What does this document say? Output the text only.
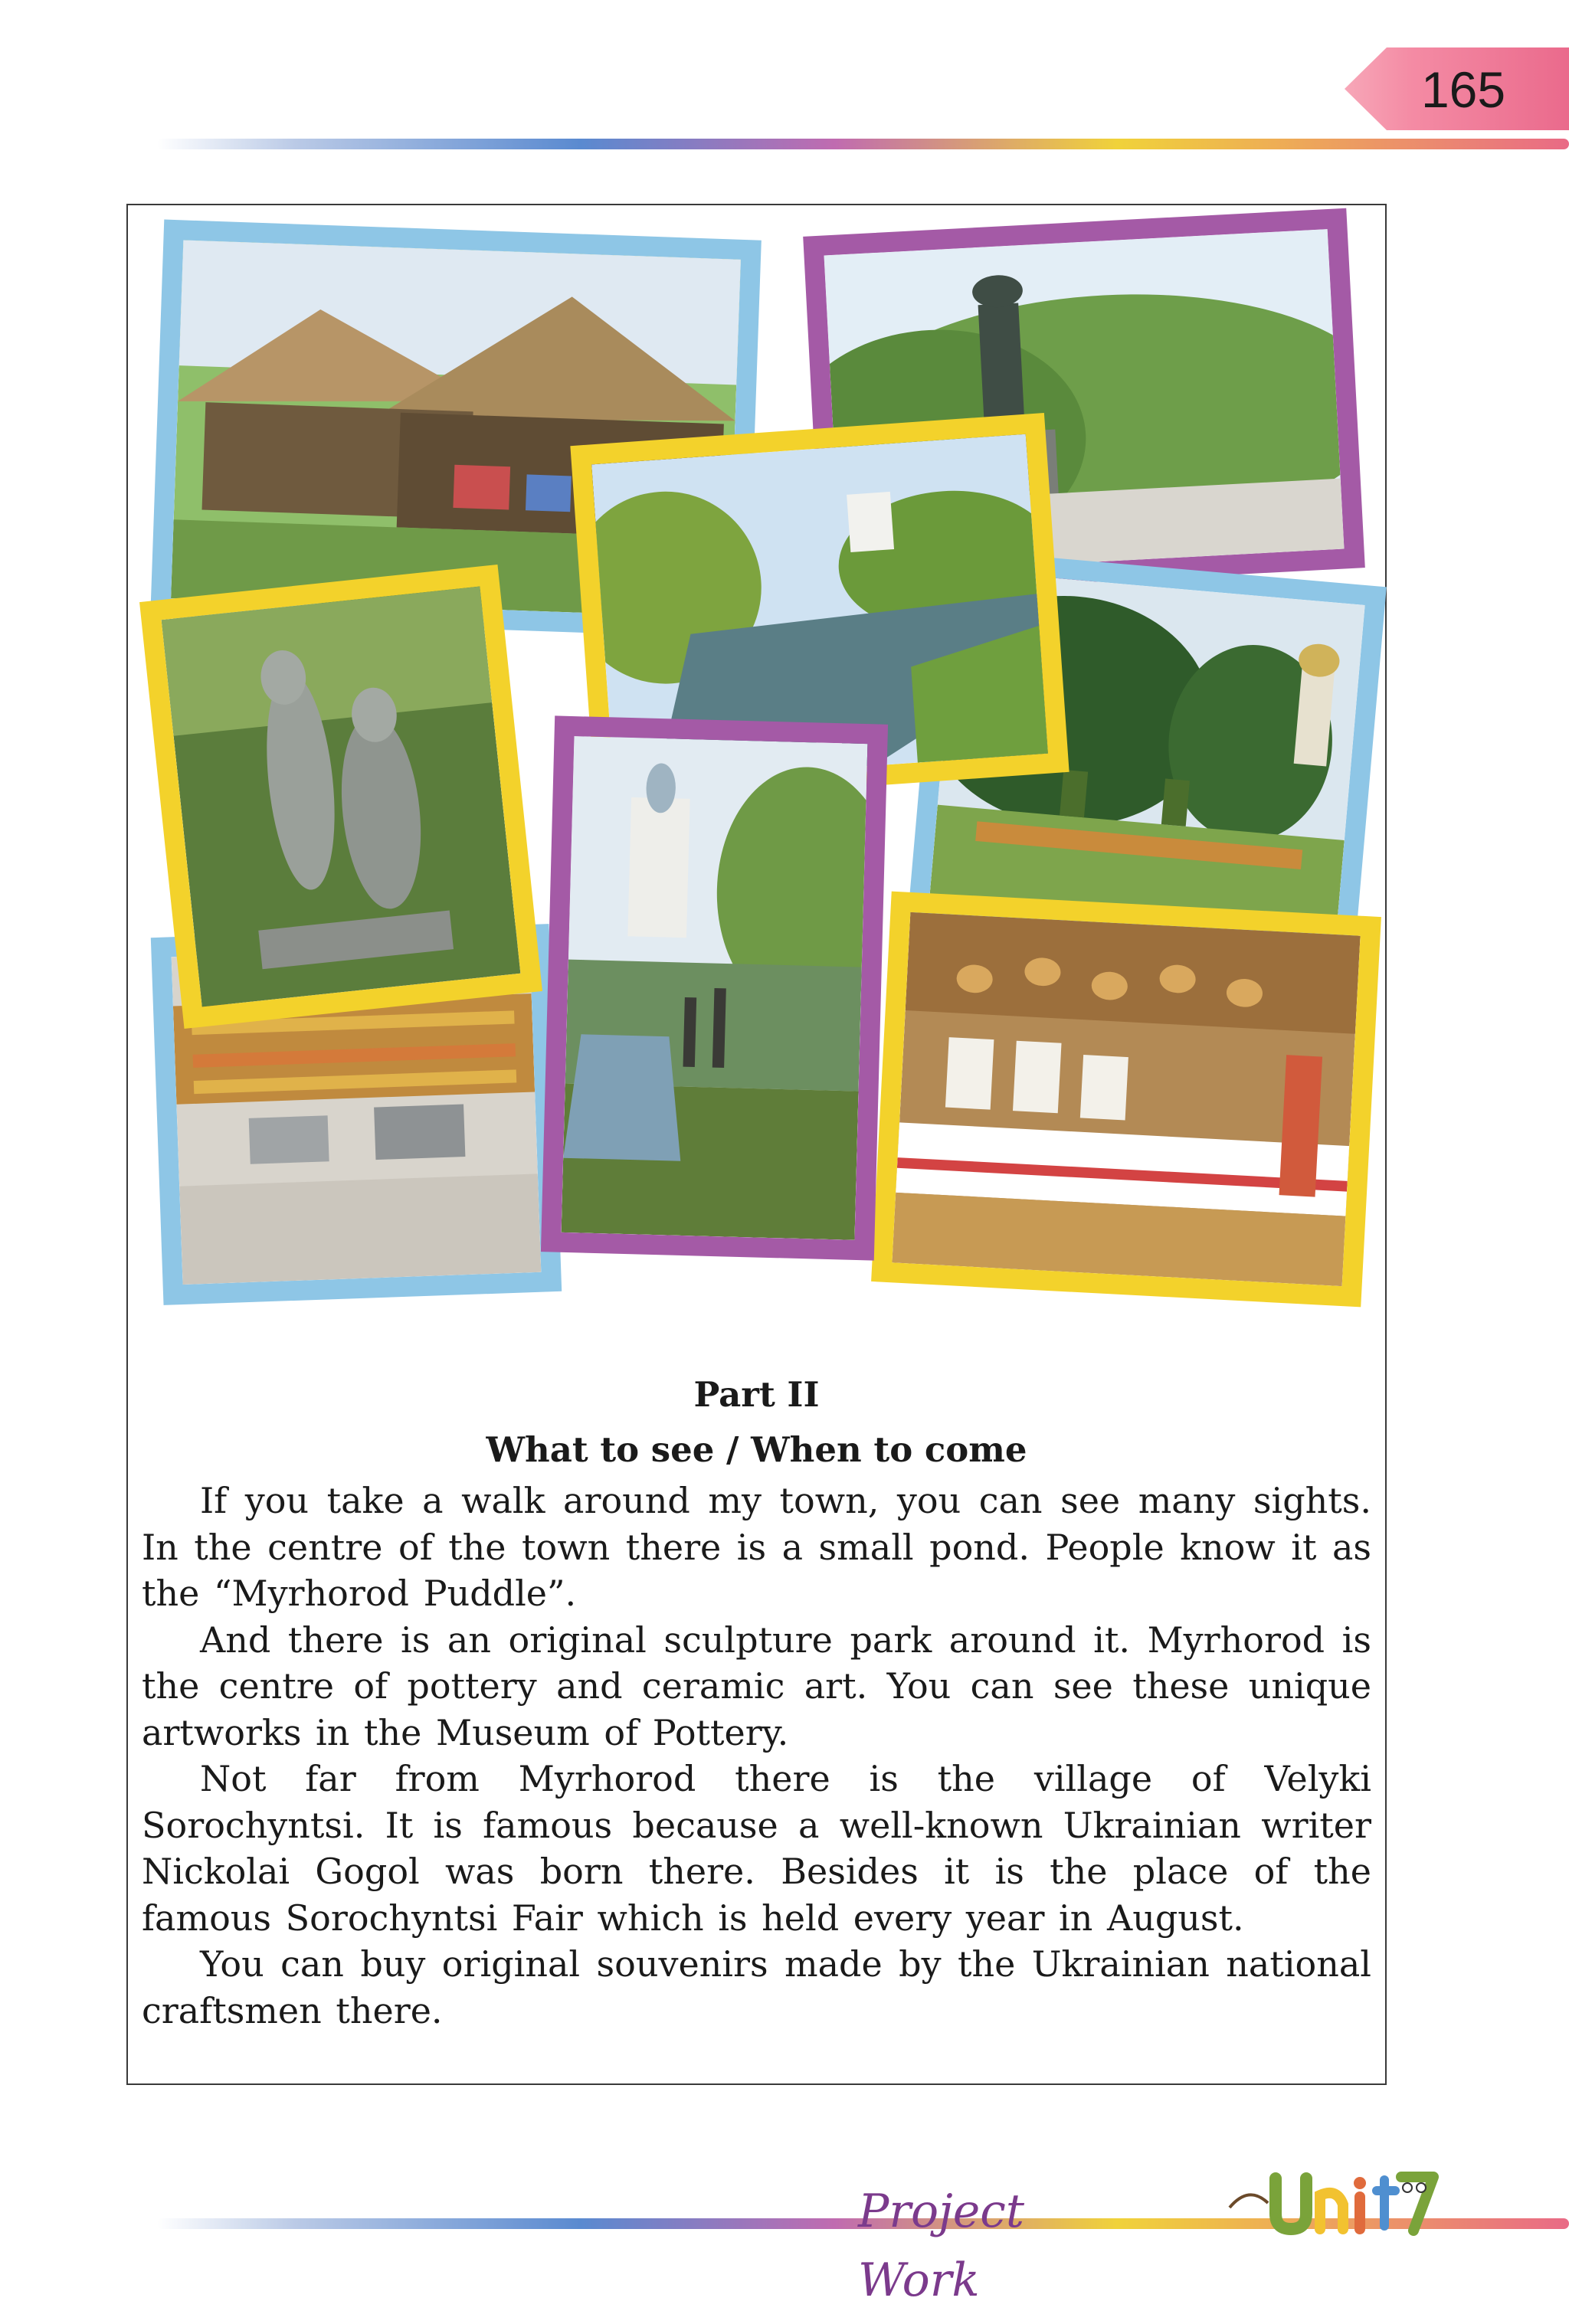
165

Part II

What to see / When to come

If you take a walk around my town, you can see many sights. In the centre of the town there is a small pond. People know it as the “Myrhorod Puddle”.

And there is an original sculpture park around it. Myrhorod is the centre of pottery and ceramic art. You can see these unique artworks in the Museum of Pottery.

Not far from Myrhorod there is the village of Velyki Sorochyntsi. It is famous because a well-known Ukrainian writer Nickolai Gogol was born there. Besides it is the place of the famous Sorochyntsi Fair which is held every year in August.

You can buy original souvenirs made by the Ukrainian national craftsmen there.

Project Work
